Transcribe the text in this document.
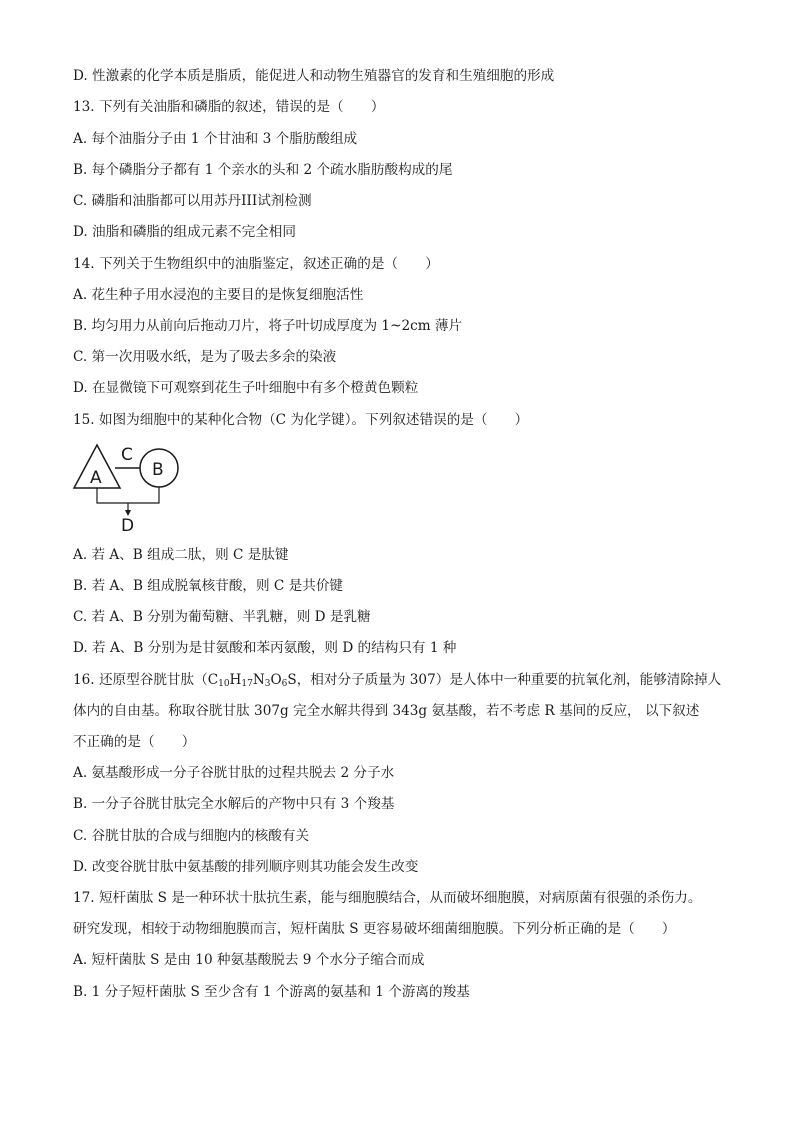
D. 性激素的化学本质是脂质，能促进人和动物生殖器官的发育和生殖细胞的形成
13. 下列有关油脂和磷脂的叙述，错误的是（　　）
A. 每个油脂分子由 1 个甘油和 3 个脂肪酸组成
B. 每个磷脂分子都有 1 个亲水的头和 2 个疏水脂肪酸构成的尾
C. 磷脂和油脂都可以用苏丹III试剂检测
D. 油脂和磷脂的组成元素不完全相同
14. 下列关于生物组织中的油脂鉴定，叙述正确的是（　　）
A. 花生种子用水浸泡的主要目的是恢复细胞活性
B. 均匀用力从前向后拖动刀片，将子叶切成厚度为 1~2cm 薄片
C. 第一次用吸水纸，是为了吸去多余的染液
D. 在显微镜下可观察到花生子叶细胞中有多个橙黄色颗粒
15. 如图为细胞中的某种化合物（C 为化学键）。下列叙述错误的是（　　）
A
C
B
D
A. 若 A、B 组成二肽，则 C 是肽键
B. 若 A、B 组成脱氧核苷酸，则 C 是共价键
C. 若 A、B 分别为葡萄糖、半乳糖，则 D 是乳糖
D. 若 A、B 分别为是甘氨酸和苯丙氨酸，则 D 的结构只有 1 种
16. 还原型谷胱甘肽（$C_{10}H_{17}N_3O_6S$，相对分子质量为 307）是人体中一种重要的抗氧化剂，能够清除掉人
体内的自由基。称取谷胱甘肽 307g 完全水解共得到 343g 氨基酸，若不考虑 R 基间的反应， 以下叙述
不正确的是（　　）
A. 氨基酸形成一分子谷胱甘肽的过程共脱去 2 分子水
B. 一分子谷胱甘肽完全水解后的产物中只有 3 个羧基
C. 谷胱甘肽的合成与细胞内的核酸有关
D. 改变谷胱甘肽中氨基酸的排列顺序则其功能会发生改变
17. 短杆菌肽 S 是一种环状十肽抗生素，能与细胞膜结合，从而破坏细胞膜，对病原菌有很强的杀伤力。
研究发现，相较于动物细胞膜而言，短杆菌肽 S 更容易破坏细菌细胞膜。下列分析正确的是（　　）
A. 短杆菌肽 S 是由 10 种氨基酸脱去 9 个水分子缩合而成
B. 1 分子短杆菌肽 S 至少含有 1 个游离的氨基和 1 个游离的羧基
